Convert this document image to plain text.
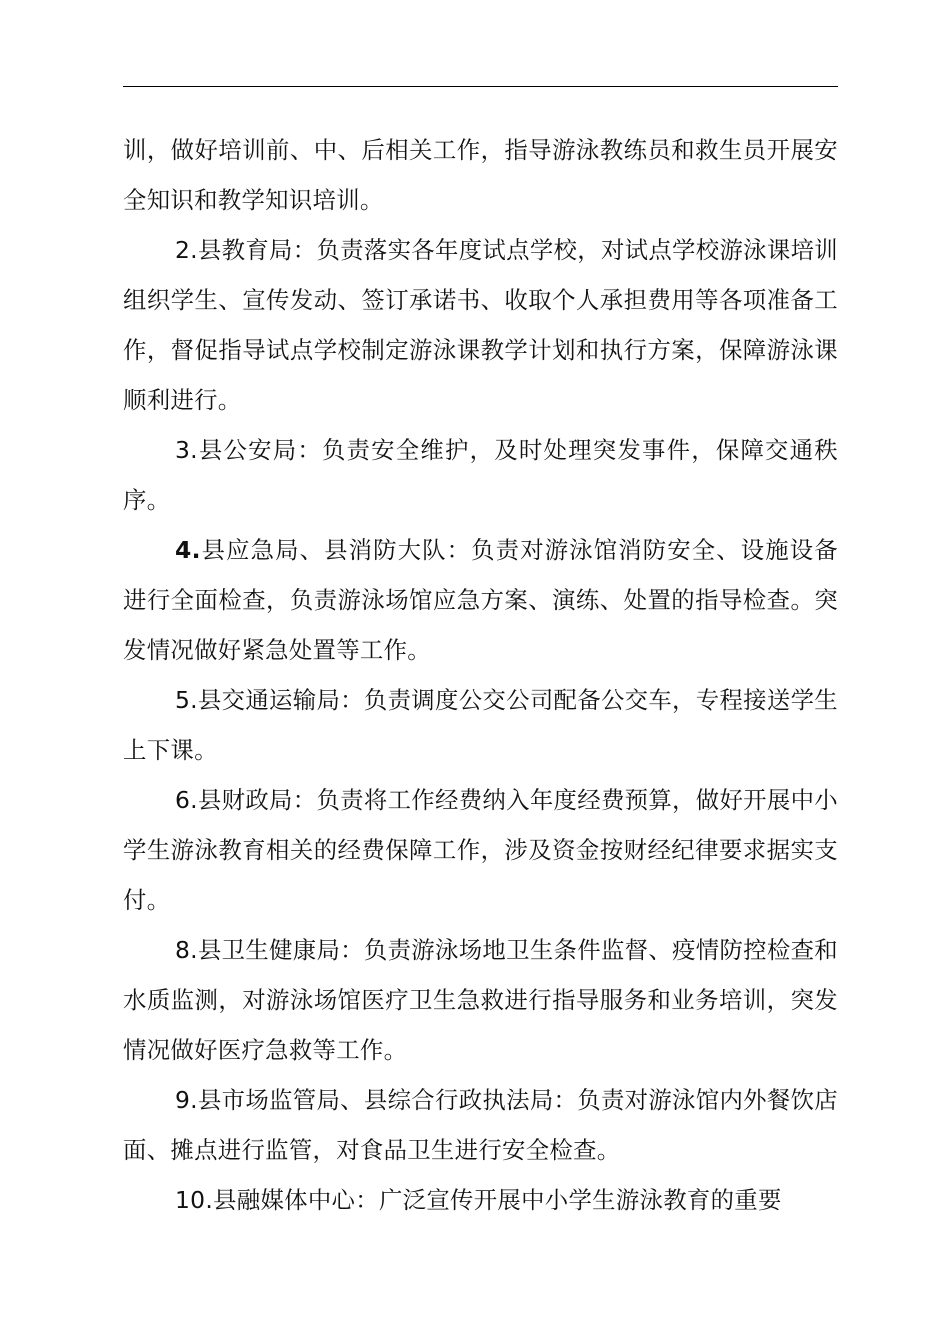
训，做好培训前、中、后相关工作，指导游泳教练员和救生员开展安全知识和教学知识培训。

2.县教育局：负责落实各年度试点学校，对试点学校游泳课培训组织学生、宣传发动、签订承诺书、收取个人承担费用等各项准备工作，督促指导试点学校制定游泳课教学计划和执行方案，保障游泳课顺利进行。

3.县公安局：负责安全维护，及时处理突发事件，保障交通秩序。

4.县应急局、县消防大队：负责对游泳馆消防安全、设施设备进行全面检查，负责游泳场馆应急方案、演练、处置的指导检查。突发情况做好紧急处置等工作。

5.县交通运输局：负责调度公交公司配备公交车，专程接送学生上下课。

6.县财政局：负责将工作经费纳入年度经费预算，做好开展中小学生游泳教育相关的经费保障工作，涉及资金按财经纪律要求据实支付。

8.县卫生健康局：负责游泳场地卫生条件监督、疫情防控检查和水质监测，对游泳场馆医疗卫生急救进行指导服务和业务培训，突发情况做好医疗急救等工作。

9.县市场监管局、县综合行政执法局：负责对游泳馆内外餐饮店面、摊点进行监管，对食品卫生进行安全检查。

10.县融媒体中心：广泛宣传开展中小学生游泳教育的重要
